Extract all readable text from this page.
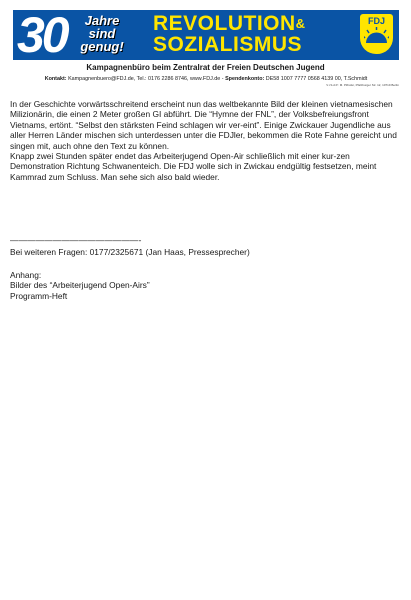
30	Jahre
sind
genug!
REVOLUTION&
SOZIALISMUS
FDJ
Kampagnenbüro beim Zentralrat der Freien Deutschen Jugend
Kontakt: Kampagnenbuero@FDJ.de, Tel.: 0176 2286 8746, www.FDJ.de - Spendenkonto: DE58 1007 7777 0568 4139 00, T.Schmidt
V.i.S.d.P.: M. Pilhofer, Pfalzburger Str. 12, 10719 Berlin

In der Geschichte vorwärtsschreitend erscheint nun das weltbekannte Bild der kleinen vietnamesischen Milizionärin, die einen 2 Meter großen GI abführt. Die “Hymne der FNL”, der Volksbefreiungsfront Vietnams, ertönt. “Selbst den stärksten Feind schlagen wir ver-eint”. Einige Zwickauer Jugendliche aus aller Herren Länder mischen sich unterdessen unter die FDJler, bekommen die Rote Fahne gereicht und singen mit, auch ohne den Text zu können.

Knapp zwei Stunden später endet das Arbeiterjugend Open-Air schließlich mit einer kur-zen Demonstration Richtung Schwanenteich. Die FDJ wolle sich in Zwickau endgültig festsetzen, meint Kammrad zum Schluss. Man sehe sich also bald wieder.

———————————————-
Bei weiteren Fragen: 0177/2325671 (Jan Haas, Pressesprecher)
Anhang:
Bilder des “Arbeiterjugend Open-Airs”
Programm-Heft
